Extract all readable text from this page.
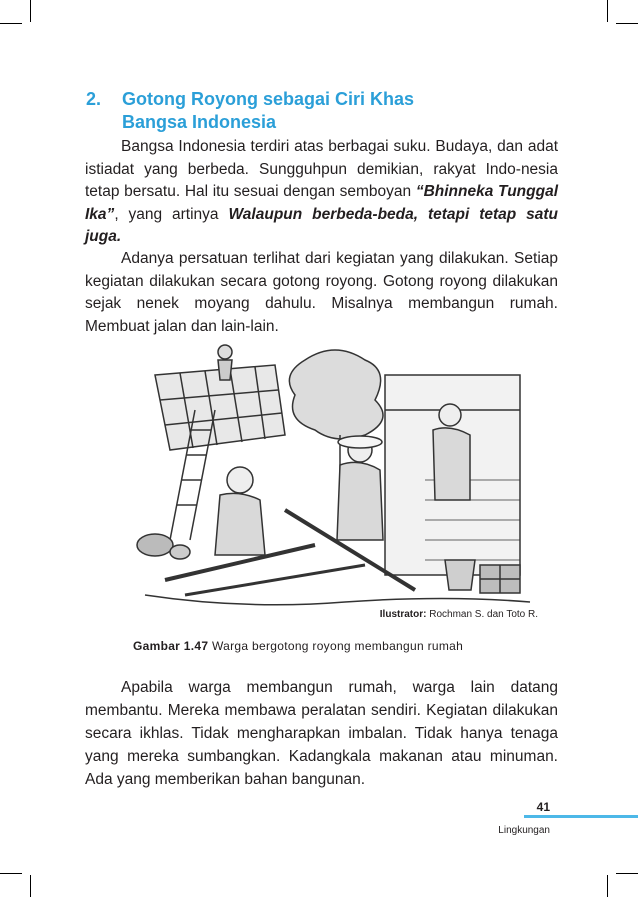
2. Gotong Royong sebagai Ciri Khas
Bangsa Indonesia

Bangsa Indonesia terdiri atas berbagai suku. Budaya, dan adat istiadat yang berbeda. Sungguhpun demikian, rakyat Indo-nesia tetap bersatu. Hal itu sesuai dengan semboyan “Bhinneka Tunggal Ika”, yang artinya Walaupun berbeda-beda, tetapi tetap satu juga.

Adanya persatuan terlihat dari kegiatan yang dilakukan. Setiap kegiatan dilakukan secara gotong royong. Gotong royong dilakukan sejak nenek moyang dahulu. Misalnya membangun rumah. Membuat jalan dan lain-lain.

Ilustrator: Rochman S. dan Toto R.
Gambar 1.47 Warga bergotong royong membangun rumah

Apabila warga membangun rumah, warga lain datang membantu. Mereka membawa peralatan sendiri. Kegiatan dilakukan secara ikhlas. Tidak mengharapkan imbalan. Tidak hanya tenaga yang mereka sumbangkan. Kadangkala makanan atau minuman. Ada yang memberikan bahan bangunan.

41
Lingkungan
